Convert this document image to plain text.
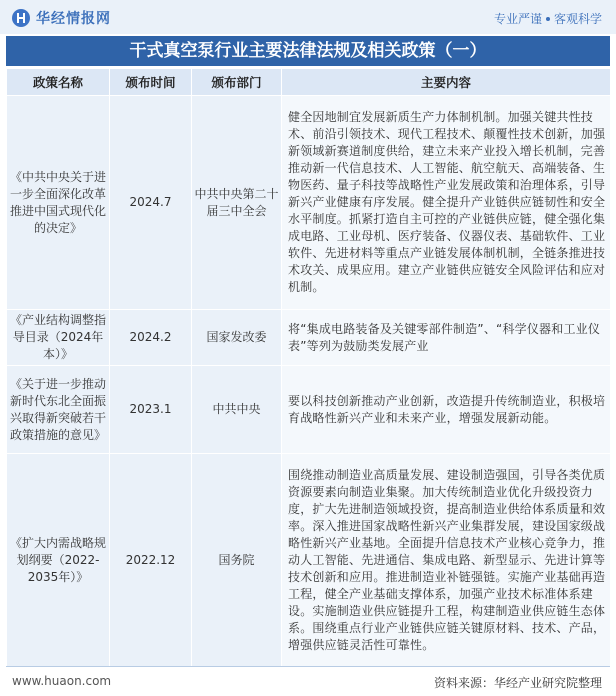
华经情报网	专业严谨 客观科学
干式真空泵行业主要法律法规及相关政策（一）
政策名称	颁布时间	颁布部门	主要内容
《中共中央关于进一步全面深化改革推进中国式现代化的决定》	2024.7	中共中央第二十届三中全会	健全因地制宜发展新质生产力体制机制。加强关键共性技术、前沿引领技术、现代工程技术、颠覆性技术创新，加强新领域新赛道制度供给，建立未来产业投入增长机制，完善推动新一代信息技术、人工智能、航空航天、高端装备、生物医药、量子科技等战略性产业发展政策和治理体系，引导新兴产业健康有序发展。健全提升产业链供应链韧性和安全水平制度。抓紧打造自主可控的产业链供应链，健全强化集成电路、工业母机、医疗装备、仪器仪表、基础软件、工业软件、先进材料等重点产业链发展体制机制，全链条推进技术攻关、成果应用。建立产业链供应链安全风险评估和应对机制。
《产业结构调整指导目录（2024年本）》	2024.2	国家发改委	将“集成电路装备及关键零部件制造”、“科学仪器和工业仪表”等列为鼓励类发展产业
《关于进一步推动新时代东北全面振兴取得新突破若干政策措施的意见》	2023.1	中共中央	要以科技创新推动产业创新，改造提升传统制造业，积极培育战略性新兴产业和未来产业，增强发展新动能。
《扩大内需战略规划纲要（2022-2035年）》	2022.12	国务院	围绕推动制造业高质量发展、建设制造强国，引导各类优质资源要素向制造业集聚。加大传统制造业优化升级投资力度，扩大先进制造领域投资，提高制造业供给体系质量和效率。深入推进国家战略性新兴产业集群发展，建设国家级战略性新兴产业基地。全面提升信息技术产业核心竞争力，推动人工智能、先进通信、集成电路、新型显示、先进计算等技术创新和应用。推进制造业补链强链。实施产业基础再造工程，健全产业基础支撑体系，加强产业技术标准体系建设。实施制造业供应链提升工程，构建制造业供应链生态体系。围绕重点行业产业链供应链关键原材料、技术、产品，增强供应链灵活性可靠性。
www.huaon.com	资料来源：华经产业研究院整理
